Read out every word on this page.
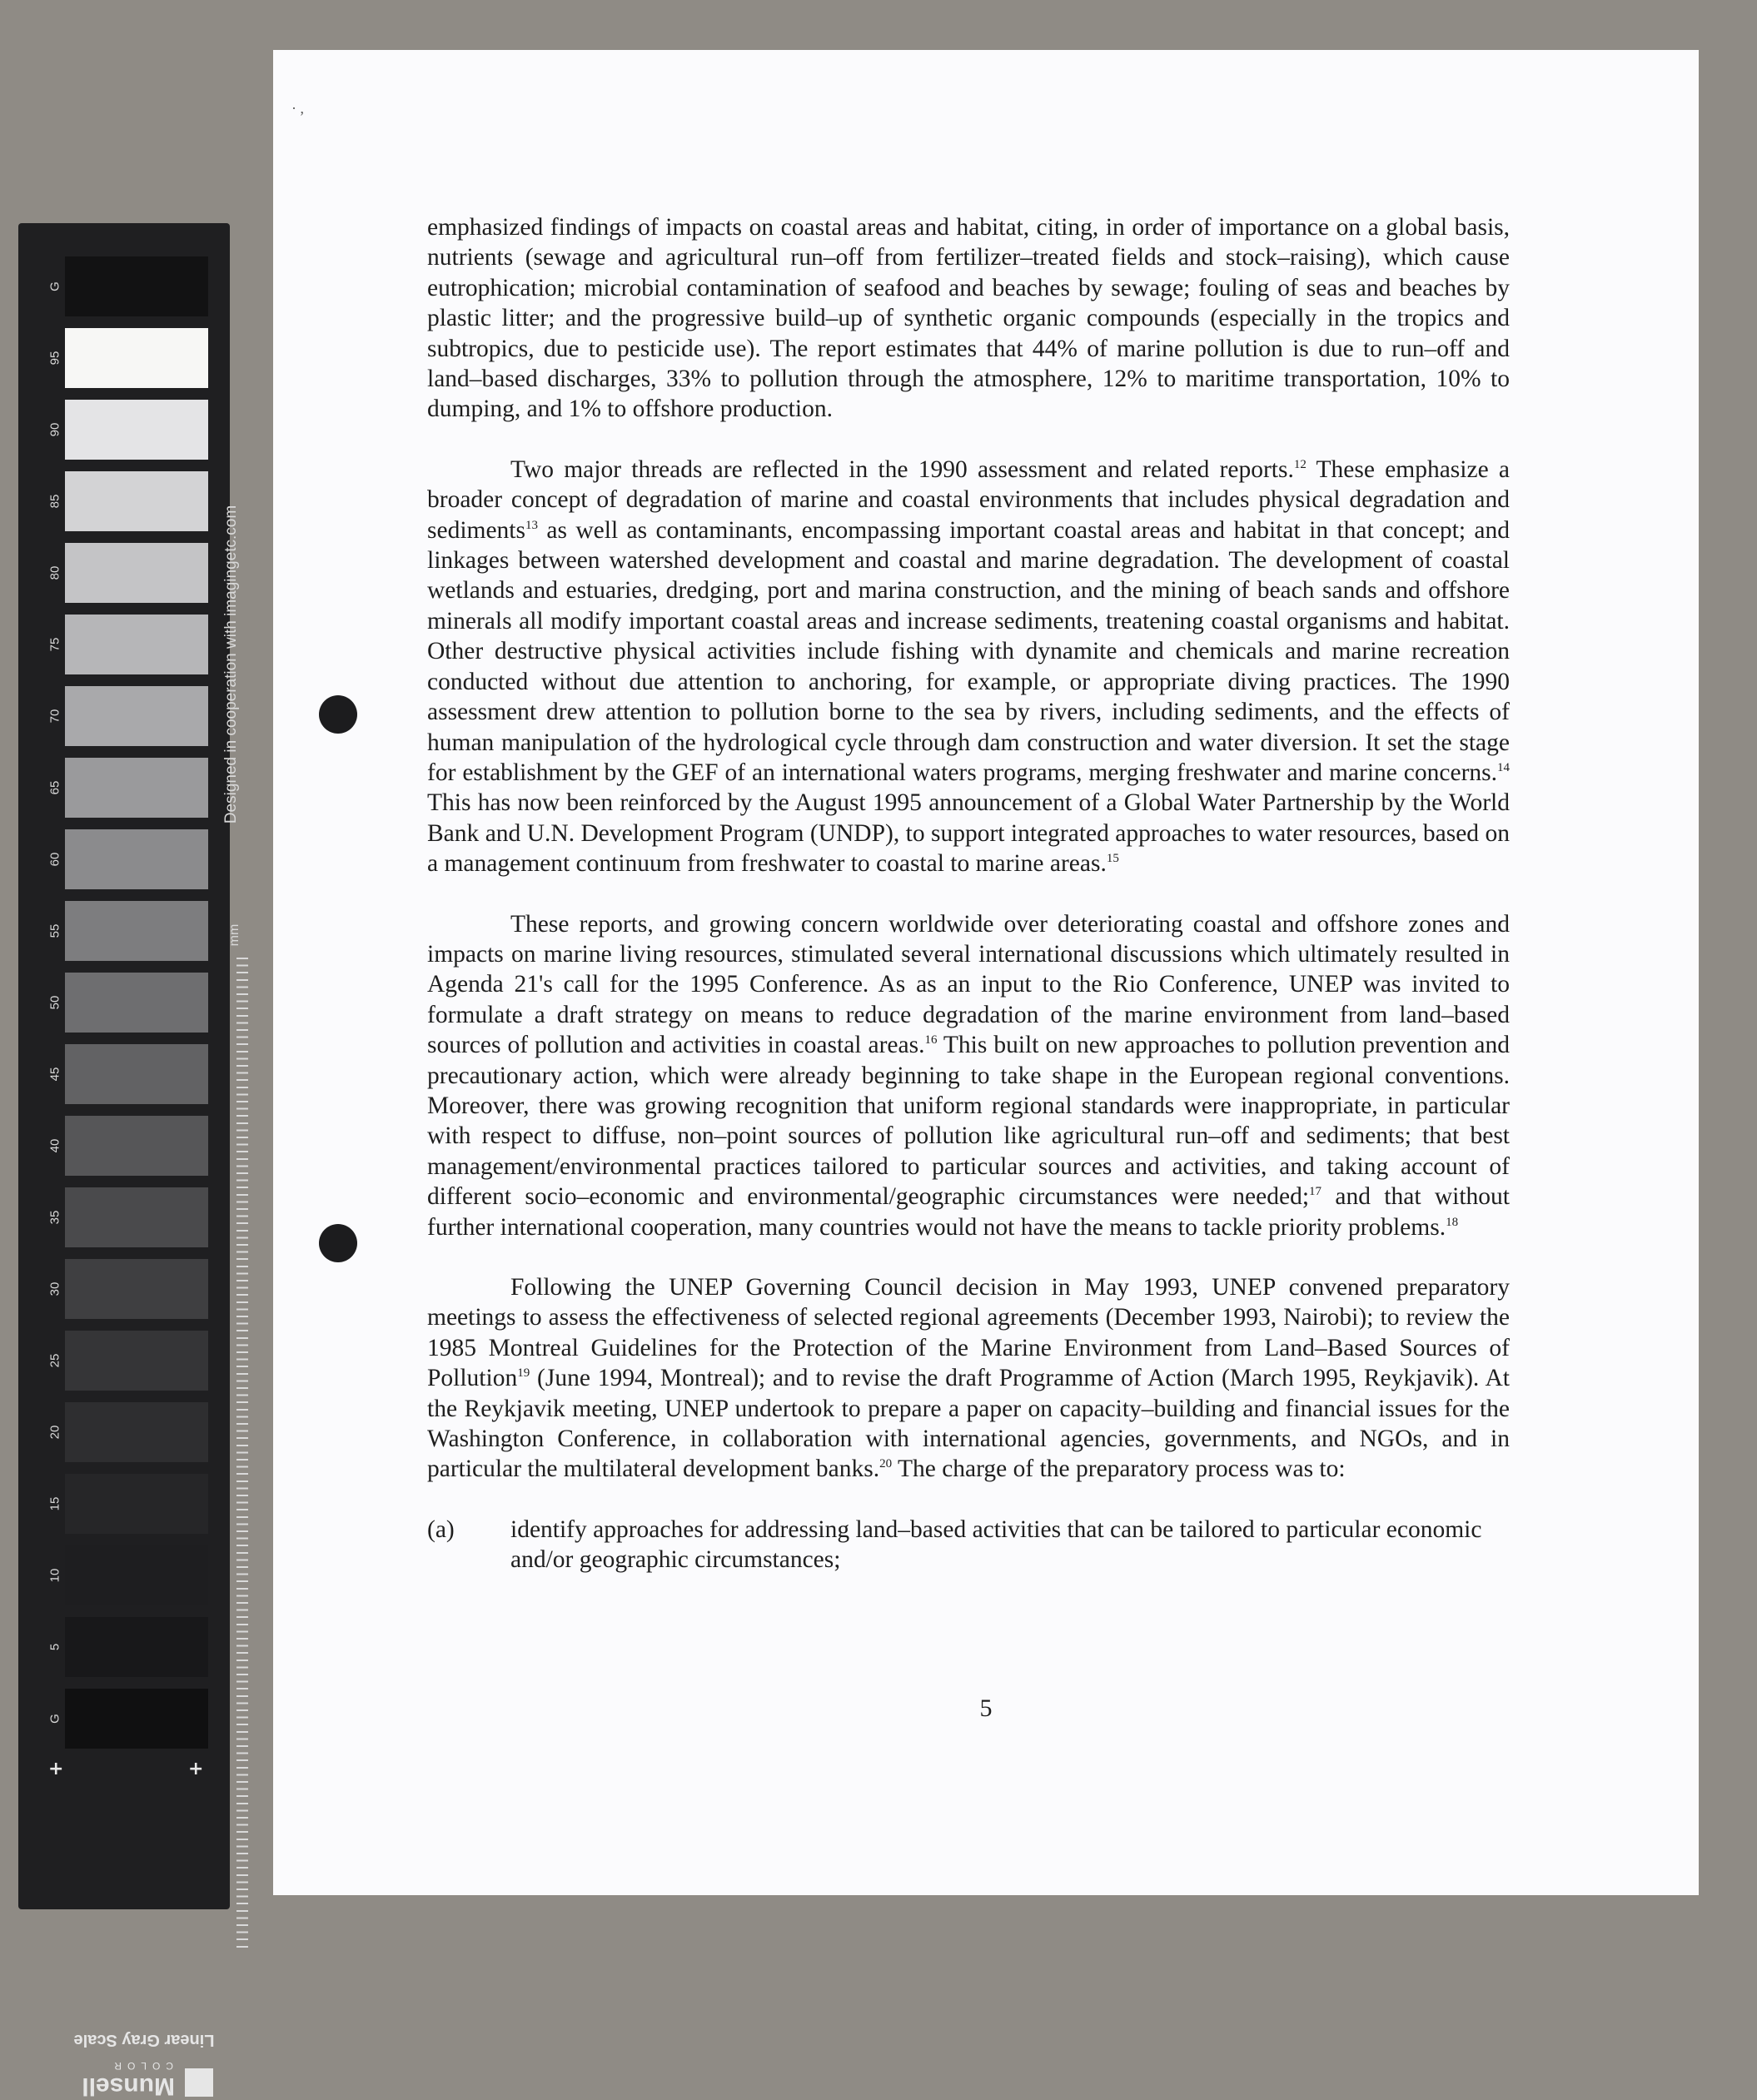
+	+
G
95
90
85
80
75
70
65
60
55
50
45
40
35
30
25
20
15
10
5
G
Designed in cooperation with imagingetc.com
mm
Linear Gray Scale
Munsell
COLOR
· ,

emphasized findings of impacts on coastal areas and habitat, citing, in order of importance on a global basis, nutrients (sewage and agricultural run–off from fertilizer–treated fields and stock–raising), which cause eutrophication; microbial contamination of seafood and beaches by sewage; fouling of seas and beaches by plastic litter; and the progressive build–up of synthetic organic compounds (especially in the tropics and subtropics, due to pesticide use). The report estimates that 44% of marine pollution is due to run–off and land–based discharges, 33% to pollution through the atmosphere, 12% to maritime transportation, 10% to dumping, and 1% to offshore production.

Two major threads are reflected in the 1990 assessment and related reports.$^{12}$ These emphasize a broader concept of degradation of marine and coastal environments that includes physical degradation and sediments$^{13}$ as well as contaminants, encompassing important coastal areas and habitat in that concept; and linkages between watershed development and coastal and marine degradation. The development of coastal wetlands and estuaries, dredging, port and marina construction, and the mining of beach sands and offshore minerals all modify important coastal areas and increase sediments, treatening coastal organisms and habitat. Other destructive physical activities include fishing with dynamite and chemicals and marine recreation conducted without due attention to anchoring, for example, or appropriate diving practices. The 1990 assessment drew attention to pollution borne to the sea by rivers, including sediments, and the effects of human manipulation of the hydrological cycle through dam construction and water diversion. It set the stage for establishment by the GEF of an international waters programs, merging freshwater and marine concerns.$^{14}$ This has now been reinforced by the August 1995 announcement of a Global Water Partnership by the World Bank and U.N. Development Program (UNDP), to support integrated approaches to water resources, based on a management continuum from freshwater to coastal to marine areas.$^{15}$

These reports, and growing concern worldwide over deteriorating coastal and offshore zones and impacts on marine living resources, stimulated several international discussions which ultimately resulted in Agenda 21's call for the 1995 Conference. As as an input to the Rio Conference, UNEP was invited to formulate a draft strategy on means to reduce degradation of the marine environment from land–based sources of pollution and activities in coastal areas.$^{16}$ This built on new approaches to pollution prevention and precautionary action, which were already beginning to take shape in the European regional conventions. Moreover, there was growing recognition that uniform regional standards were inappropriate, in particular with respect to diffuse, non–point sources of pollution like agricultural run–off and sediments; that best management/environmental practices tailored to particular sources and activities, and taking account of different socio–economic and environmental/geographic circumstances were needed;$^{17}$ and that without further international cooperation, many countries would not have the means to tackle priority problems.$^{18}$

Following the UNEP Governing Council decision in May 1993, UNEP convened preparatory meetings to assess the effectiveness of selected regional agreements (December 1993, Nairobi); to review the 1985 Montreal Guidelines for the Protection of the Marine Environment from Land–Based Sources of Pollution$^{19}$ (June 1994, Montreal); and to revise the draft Programme of Action (March 1995, Reykjavik). At the Reykjavik meeting, UNEP undertook to prepare a paper on capacity–building and financial issues for the Washington Conference, in collaboration with international agencies, governments, and NGOs, and in particular the multilateral development banks.$^{20}$ The charge of the preparatory process was to:

(a)	identify approaches for addressing land–based activities that can be tailored to particular economic and/or geographic circumstances;
5
